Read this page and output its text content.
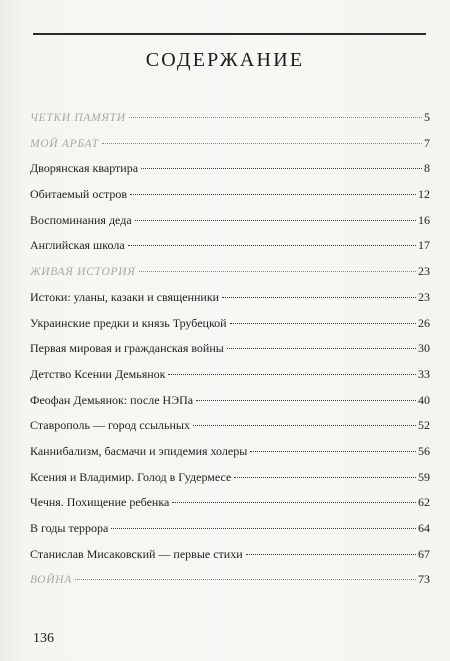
СОДЕРЖАНИЕ
ЧЕТКИ ПАМЯТИ	5
МОЙ АРБАТ	7
Дворянская квартира	8
Обитаемый остров	12
Воспоминания деда	16
Английская школа	17
ЖИВАЯ ИСТОРИЯ	23
Истоки: уланы, казаки и священники	23
Украинские предки и князь Трубецкой	26
Первая мировая и гражданская войны	30
Детство Ксении Демьянок	33
Феофан Демьянок: после НЭПа	40
Ставрополь — город ссыльных	52
Каннибализм, басмачи и эпидемия холеры	56
Ксения и Владимир. Голод в Гудермесе	59
Чечня. Похищение ребенка	62
В годы террора	64
Станислав Мисаковский — первые стихи	67
ВОЙНА	73
136
